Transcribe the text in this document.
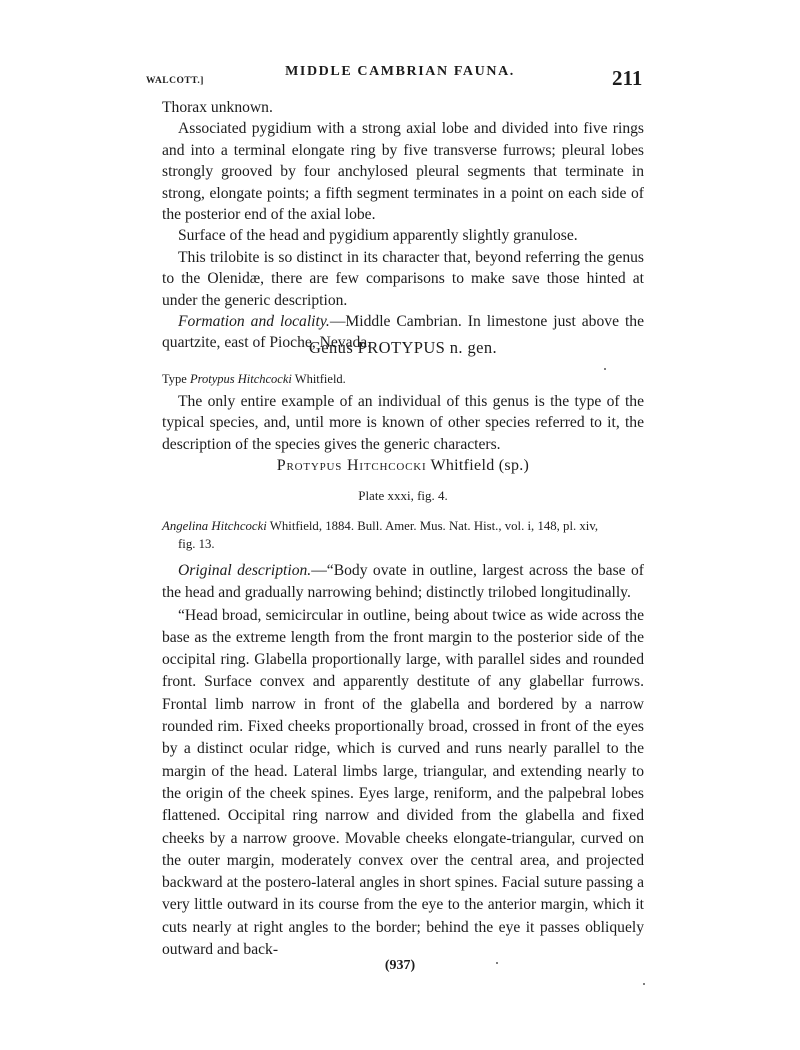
WALCOTT.]
MIDDLE CAMBRIAN FAUNA.	211

Thorax unknown.

Associated pygidium with a strong axial lobe and divided into five rings and into a terminal elongate ring by five transverse furrows; pleural lobes strongly grooved by four anchylosed pleural segments that terminate in strong, elongate points; a fifth segment terminates in a point on each side of the posterior end of the axial lobe.

Surface of the head and pygidium apparently slightly granulose.

This trilobite is so distinct in its character that, beyond referring the genus to the Olenidæ, there are few comparisons to make save those hinted at under the generic description.

Formation and locality.—Middle Cambrian. In limestone just above the quartzite, east of Pioche, Nevada.

Genus PROTYPUS n. gen.
Type Protypus Hitchcocki Whitfield.

The only entire example of an individual of this genus is the type of the typical species, and, until more is known of other species referred to it, the description of the species gives the generic characters.

Protypus Hitchcocki Whitfield (sp.)
Plate xxxi, fig. 4.
Angelina Hitchcocki Whitfield, 1884. Bull. Amer. Mus. Nat. Hist., vol. i, 148, pl. xiv,
fig. 13.

Original description.—“Body ovate in outline, largest across the base of the head and gradually narrowing behind; distinctly trilobed longitudinally.

“Head broad, semicircular in outline, being about twice as wide across the base as the extreme length from the front margin to the posterior side of the occipital ring. Glabella proportionally large, with parallel sides and rounded front. Surface convex and apparently destitute of any glabellar furrows. Frontal limb narrow in front of the glabella and bordered by a narrow rounded rim. Fixed cheeks proportionally broad, crossed in front of the eyes by a distinct ocular ridge, which is curved and runs nearly parallel to the margin of the head. Lateral limbs large, triangular, and extending nearly to the origin of the cheek spines. Eyes large, reniform, and the palpebral lobes flattened. Occipital ring narrow and divided from the glabella and fixed cheeks by a narrow groove. Movable cheeks elongate-triangular, curved on the outer margin, moderately convex over the central area, and projected backward at the postero-lateral angles in short spines. Facial suture passing a very little outward in its course from the eye to the anterior margin, which it cuts nearly at right angles to the border; behind the eye it passes obliquely outward and back-

(937)
